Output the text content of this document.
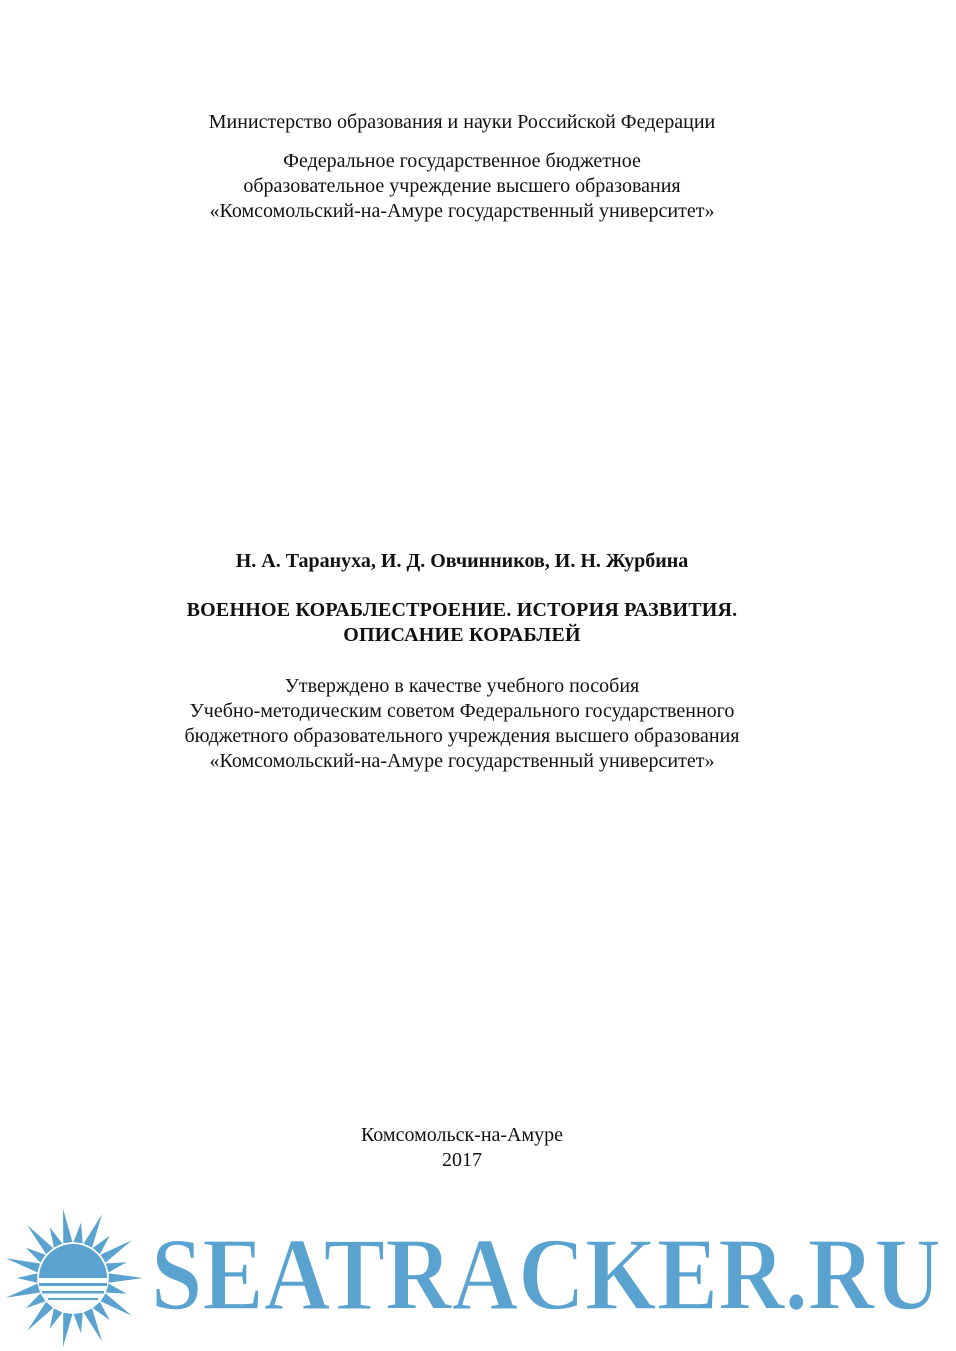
Министерство образования и науки Российской Федерации
Федеральное государственное бюджетное
образовательное учреждение высшего образования
«Комсомольский-на-Амуре государственный университет»
Н. А. Тарануха, И. Д. Овчинников, И. Н. Журбина
ВОЕННОЕ КОРАБЛЕСТРОЕНИЕ. ИСТОРИЯ РАЗВИТИЯ.
ОПИСАНИЕ КОРАБЛЕЙ
Утверждено в качестве учебного пособия
Учебно-методическим советом Федерального государственного
бюджетного образовательного учреждения высшего образования
«Комсомольский-на-Амуре государственный университет»
Комсомольск-на-Амуре
2017
SEATRACKER.RU
